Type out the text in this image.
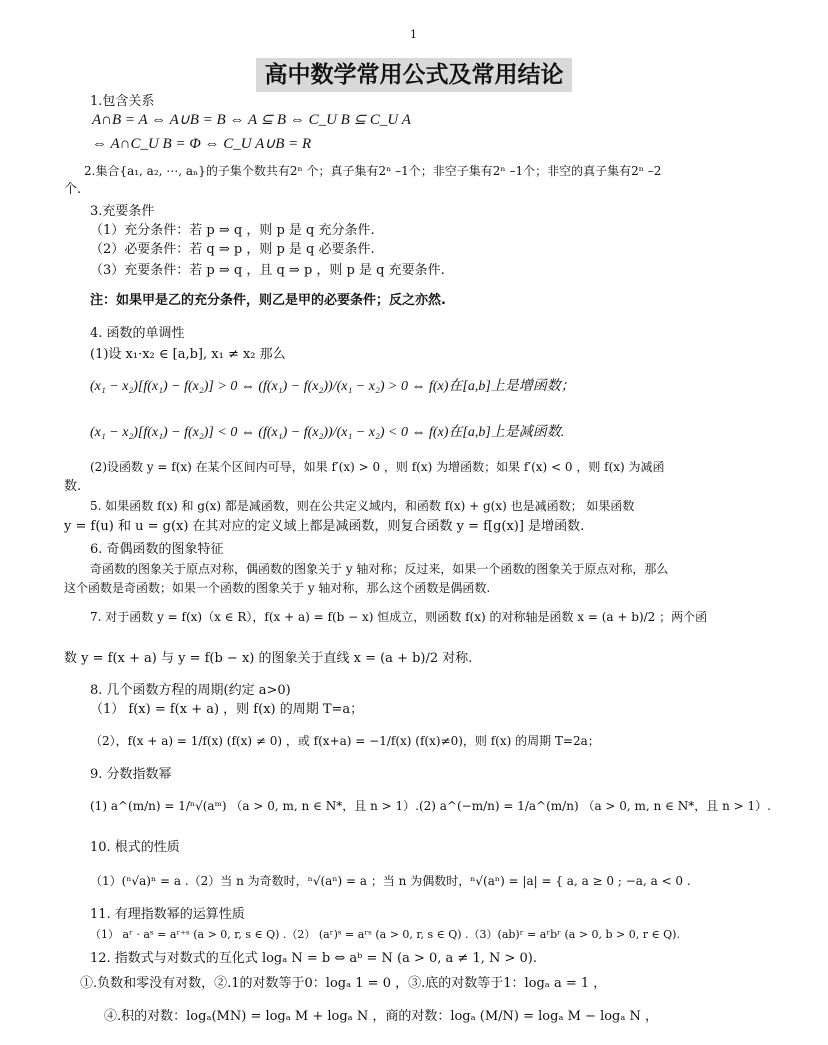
1
高中数学常用公式及常用结论
1.包含关系
A∩B = A ⇔ A∪B = B ⇔ A ⊆ B ⇔ C_U B ⊆ C_U A
⇔ A∩C_U B = Φ ⇔ C_U A∪B = R
2.集合{a₁, a₂, ⋯, aₙ}的子集个数共有2ⁿ 个；真子集有2ⁿ –1个；非空子集有2ⁿ –1个；非空的真子集有2ⁿ –2
个.
3.充要条件
（1）充分条件：若 p ⇒ q ，则 p 是 q 充分条件.
（2）必要条件：若 q ⇒ p ，则 p 是 q 必要条件.
（3）充要条件：若 p ⇒ q ，且 q ⇒ p ，则 p 是 q 充要条件.
注：如果甲是乙的充分条件，则乙是甲的必要条件；反之亦然.
4. 函数的单调性
(1)设 x₁·x₂ ∈ [a,b], x₁ ≠ x₂ 那么
(x₁ − x₂)[f(x₁) − f(x₂)] > 0 ⇔ (f(x₁) − f(x₂))/(x₁ − x₂) > 0 ⇔ f(x)在[a,b]上是增函数；
(x₁ − x₂)[f(x₁) − f(x₂)] < 0 ⇔ (f(x₁) − f(x₂))/(x₁ − x₂) < 0 ⇔ f(x)在[a,b]上是减函数.
(2)设函数 y = f(x) 在某个区间内可导，如果 f′(x) > 0 ，则 f(x) 为增函数；如果 f′(x) < 0 ，则 f(x) 为减函
数.
5. 如果函数 f(x) 和 g(x) 都是减函数，则在公共定义域内，和函数 f(x) + g(x) 也是减函数； 如果函数
y = f(u) 和 u = g(x) 在其对应的定义域上都是减函数，则复合函数 y = f[g(x)] 是增函数.
6. 奇偶函数的图象特征
奇函数的图象关于原点对称，偶函数的图象关于 y 轴对称；反过来，如果一个函数的图象关于原点对称，那么
这个函数是奇函数；如果一个函数的图象关于 y 轴对称，那么这个函数是偶函数.
7. 对于函数 y = f(x)（x ∈ R），f(x + a) = f(b − x) 恒成立，则函数 f(x) 的对称轴是函数 x = (a + b)/2 ；两个函
数 y = f(x + a) 与 y = f(b − x) 的图象关于直线 x = (a + b)/2 对称.
8. 几个函数方程的周期(约定 a>0)
（1） f(x) = f(x + a) ，则 f(x) 的周期 T=a；
（2），f(x + a) = 1/f(x) (f(x) ≠ 0) ，或 f(x+a) = −1/f(x) (f(x)≠0)，则 f(x) 的周期 T=2a；
9. 分数指数幂
(1) a^(m/n) = 1/ⁿ√(aᵐ) （a > 0, m, n ∈ N*，且 n > 1）.(2) a^(−m/n) = 1/a^(m/n) （a > 0, m, n ∈ N*，且 n > 1）.
10. 根式的性质
（1）(ⁿ√a)ⁿ = a .（2）当 n 为奇数时，ⁿ√(aⁿ) = a ；当 n 为偶数时，ⁿ√(aⁿ) = |a| = { a, a ≥ 0 ; −a, a < 0 .
11. 有理指数幂的运算性质
（1） aʳ · aˢ = aʳ⁺ˢ (a > 0, r, s ∈ Q) .（2） (aʳ)ˢ = aʳˢ (a > 0, r, s ∈ Q) .（3）(ab)ʳ = aʳbʳ (a > 0, b > 0, r ∈ Q).
12. 指数式与对数式的互化式 logₐ N = b ⇔ aᵇ = N (a > 0, a ≠ 1, N > 0).
①.负数和零没有对数，②.1的对数等于0：logₐ 1 = 0 ，③.底的对数等于1：logₐ a = 1 ，
④.积的对数：logₐ(MN) = logₐ M + logₐ N ，商的对数：logₐ (M/N) = logₐ M − logₐ N ，
